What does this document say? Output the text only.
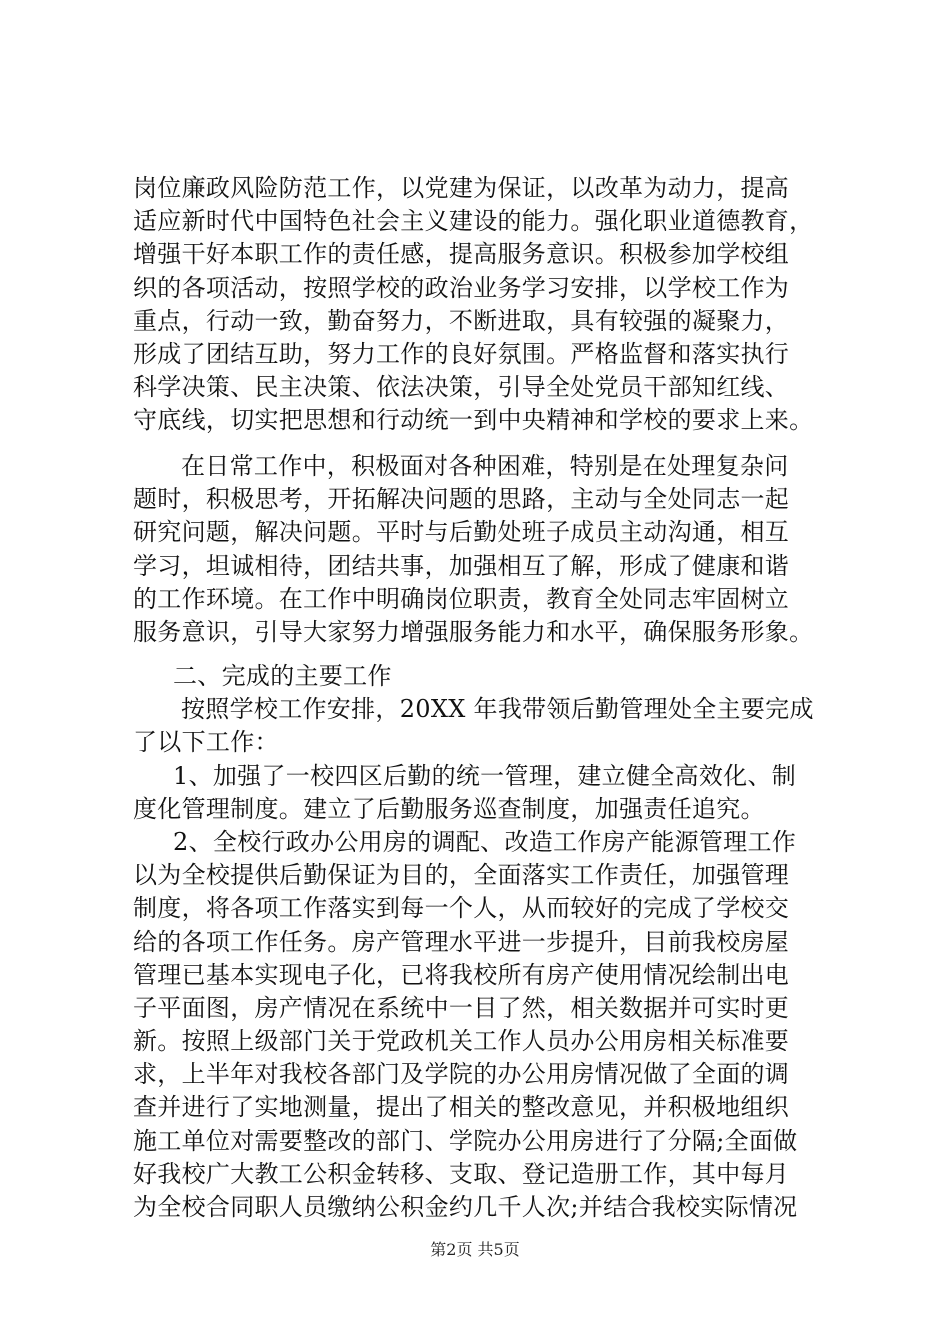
岗位廉政风险防范工作，以党建为保证，以改革为动力，提高
适应新时代中国特色社会主义建设的能力。强化职业道德教育，
增强干好本职工作的责任感，提高服务意识。积极参加学校组
织的各项活动，按照学校的政治业务学习安排，以学校工作为
重点，行动一致，勤奋努力，不断进取，具有较强的凝聚力，
形成了团结互助，努力工作的良好氛围。严格监督和落实执行
科学决策、民主决策、依法决策，引导全处党员干部知红线、
守底线，切实把思想和行动统一到中央精神和学校的要求上来。
在日常工作中，积极面对各种困难，特别是在处理复杂问
题时，积极思考，开拓解决问题的思路，主动与全处同志一起
研究问题，解决问题。平时与后勤处班子成员主动沟通，相互
学习，坦诚相待，团结共事，加强相互了解，形成了健康和谐
的工作环境。在工作中明确岗位职责，教育全处同志牢固树立
服务意识，引导大家努力增强服务能力和水平，确保服务形象。
二、完成的主要工作
按照学校工作安排，20XX 年我带领后勤管理处全主要完成
了以下工作：
1、加强了一校四区后勤的统一管理，建立健全高效化、制
度化管理制度。建立了后勤服务巡查制度，加强责任追究。
2、全校行政办公用房的调配、改造工作房产能源管理工作
以为全校提供后勤保证为目的，全面落实工作责任，加强管理
制度，将各项工作落实到每一个人，从而较好的完成了学校交
给的各项工作任务。房产管理水平进一步提升，目前我校房屋
管理已基本实现电子化，已将我校所有房产使用情况绘制出电
子平面图，房产情况在系统中一目了然，相关数据并可实时更
新。按照上级部门关于党政机关工作人员办公用房相关标准要
求，上半年对我校各部门及学院的办公用房情况做了全面的调
查并进行了实地测量，提出了相关的整改意见，并积极地组织
施工单位对需要整改的部门、学院办公用房进行了分隔;全面做
好我校广大教工公积金转移、支取、登记造册工作，其中每月
为全校合同职人员缴纳公积金约几千人次;并结合我校实际情况
第2页 共5页
